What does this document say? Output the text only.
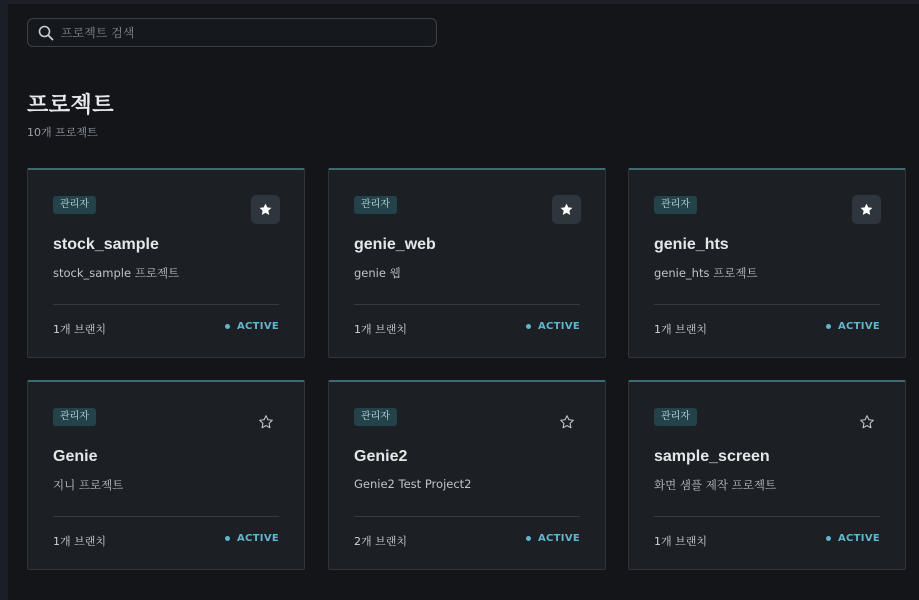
프로젝트 검색
프로젝트
10개 프로젝트
관리자
stock_sample
stock_sample 프로젝트
1개 브랜치	ACTIVE
관리자
genie_web
genie 웹
1개 브랜치	ACTIVE
관리자
genie_hts
genie_hts 프로젝트
1개 브랜치	ACTIVE
관리자
Genie
지니 프로젝트
1개 브랜치	ACTIVE
관리자
Genie2
Genie2 Test Project2
2개 브랜치	ACTIVE
관리자
sample_screen
화면 샘플 제작 프로젝트
1개 브랜치	ACTIVE
